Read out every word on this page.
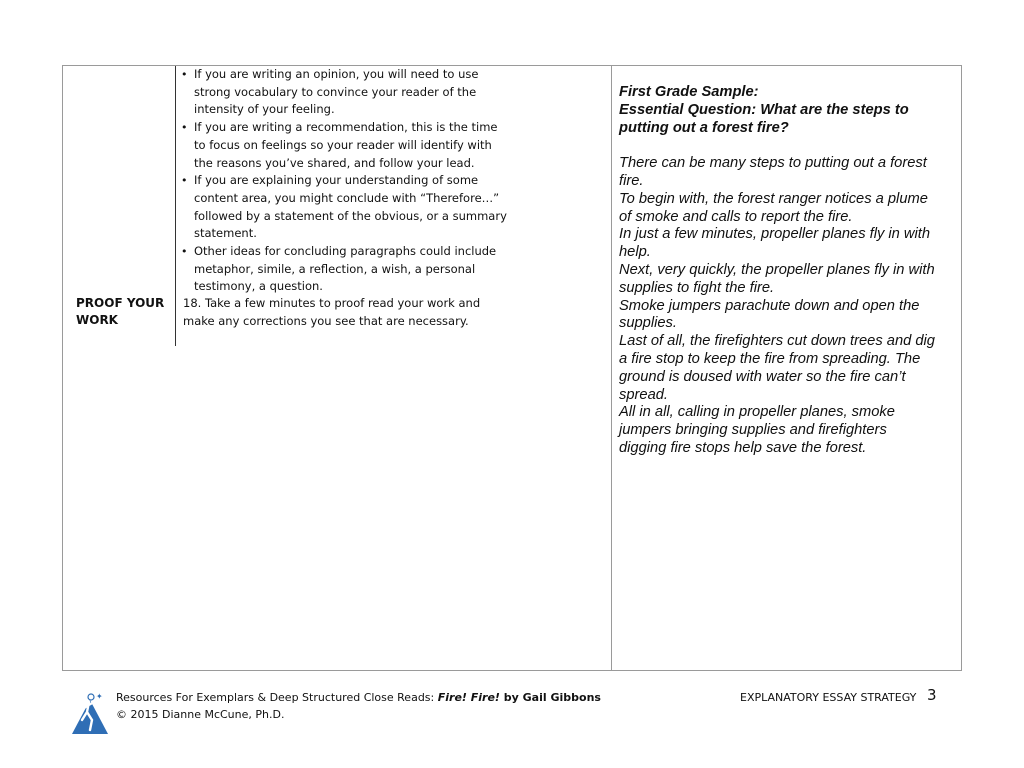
PROOF YOUR
WORK
• If you are writing an opinion, you will need to use
strong vocabulary to convince your reader of the
intensity of your feeling.
• If you are writing a recommendation, this is the time
to focus on feelings so your reader will identify with
the reasons you’ve shared, and follow your lead.
• If you are explaining your understanding of some
content area, you might conclude with “Therefore…”
followed by a statement of the obvious, or a summary
statement.
• Other ideas for concluding paragraphs could include
metaphor, simile, a reflection, a wish, a personal
testimony, a question.
18. Take a few minutes to proof read your work and
make any corrections you see that are necessary.
First Grade Sample:
Essential Question: What are the steps to
putting out a forest fire?
There can be many steps to putting out a forest
fire.
To begin with, the forest ranger notices a plume
of smoke and calls to report the fire.
In just a few minutes, propeller planes fly in with
help.
Next, very quickly, the propeller planes fly in with
supplies to fight the fire.
Smoke jumpers parachute down and open the
supplies.
Last of all, the firefighters cut down trees and dig
a fire stop to keep the fire from spreading. The
ground is doused with water so the fire can’t
spread.
All in all, calling in propeller planes, smoke
jumpers bringing supplies and firefighters
digging fire stops help save the forest.
✦ Resources For Exemplars & Deep Structured Close Reads: Fire! Fire! by Gail Gibbons
© 2015 Dianne McCune, Ph.D.
EXPLANATORY ESSAY STRATEGY 3
